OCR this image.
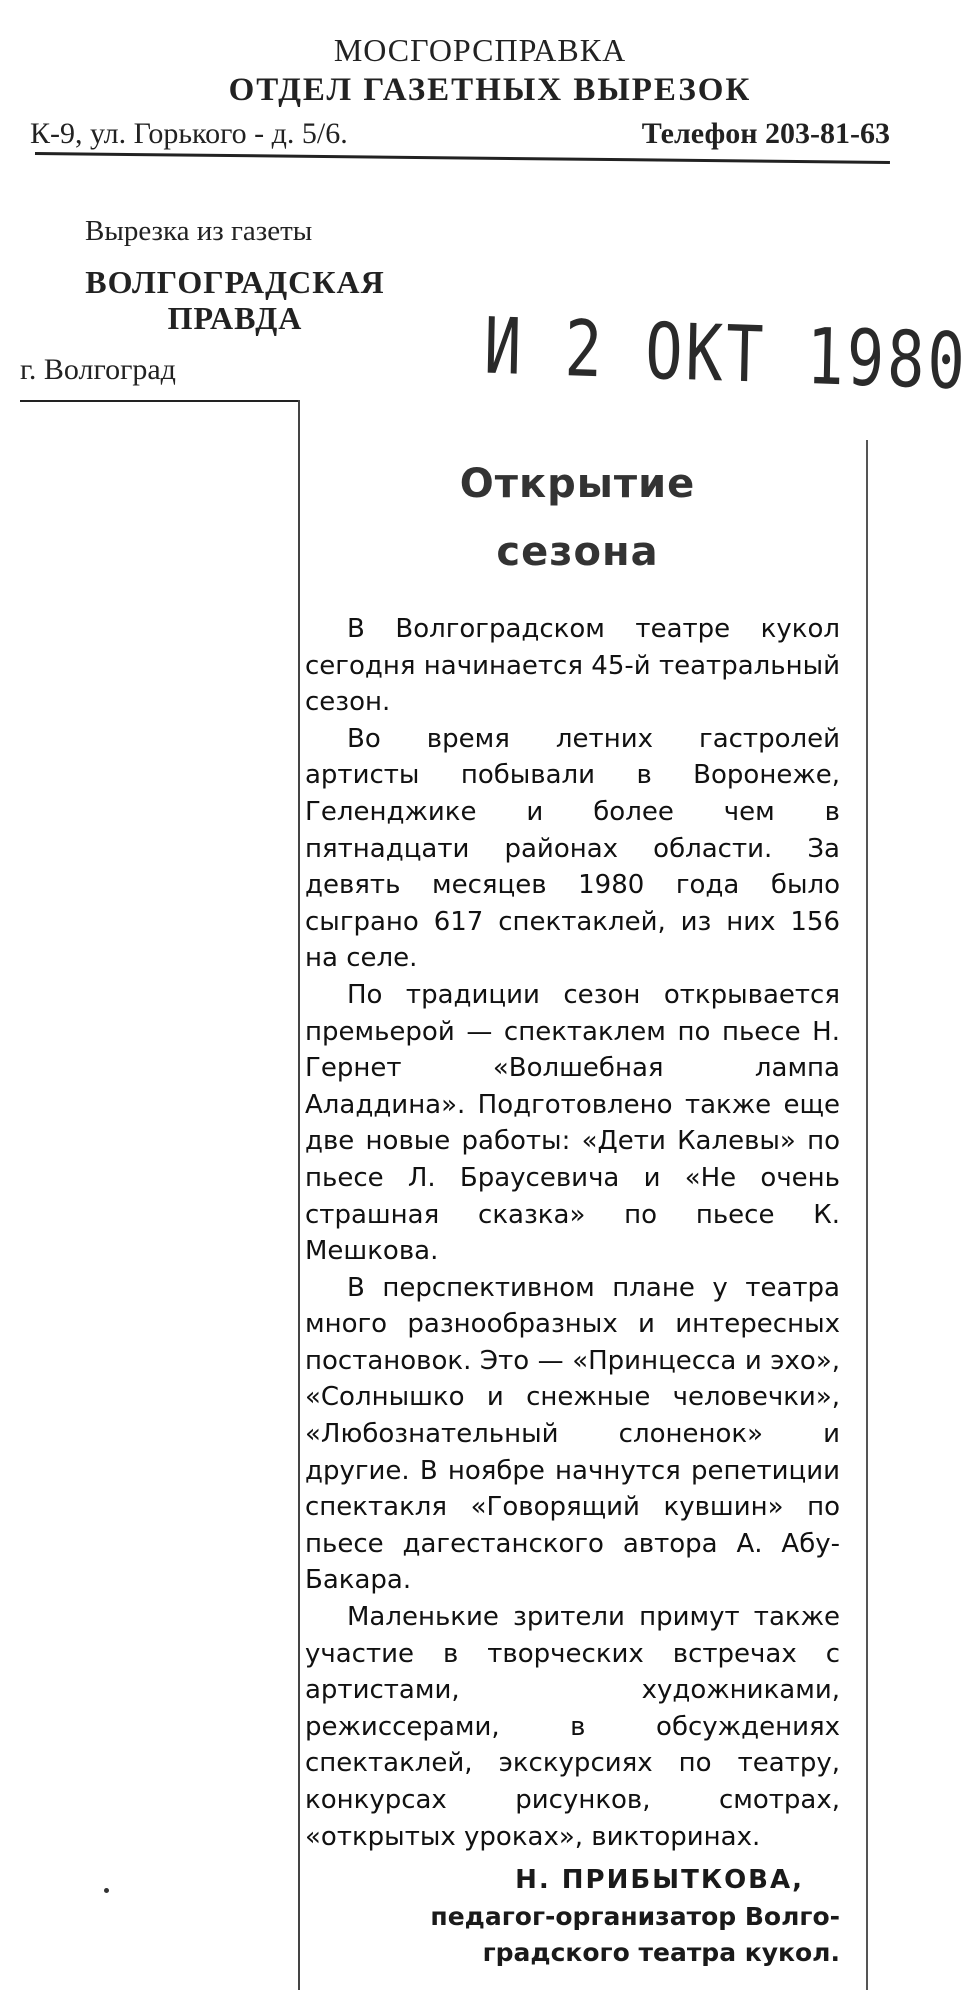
МОСГОРСПРАВКА
ОТДЕЛ ГАЗЕТНЫХ ВЫРЕЗОК
К-9, ул. Горького - д. 5/6.	Телефон 203-81-63
Вырезка из газеты
ВОЛГОГРАДСКАЯ
ПРАВДА
г. Волгоград	И 2 ОКТ 1980
Открытие
сезона

В Волгоградском театре кукол сегодня начинается 45-й театральный сезон.

Во время летних гастролей артисты побывали в Воронеже, Геленджике и более чем в пятнадцати районах области. За девять месяцев 1980 года было сыграно 617 спектаклей, из них 156 на селе.

По традиции сезон открывается премьерой — спектаклем по пьесе Н. Гернет «Волшебная лампа Аладдина». Подготовлено также еще две новые работы: «Дети Калевы» по пьесе Л. Браусевича и «Не очень страшная сказка» по пьесе К. Мешкова.

В перспективном плане у театра много разнообразных и интересных постановок. Это — «Принцесса и эхо», «Солнышко и снежные человечки», «Любознательный слоненок» и другие. В ноябре начнутся репетиции спектакля «Говорящий кувшин» по пьесе дагестанского автора А. Абу-Бакара.

Маленькие зрители примут также участие в творческих встречах с артистами, художниками, режиссерами, в обсуждениях спектаклей, экскурсиях по театру, конкурсах рисунков, смотрах, «открытых уроках», викторинах.

Н. ПРИБЫТКОВА,
педагог-организатор Волго-
градского театра кукол.
